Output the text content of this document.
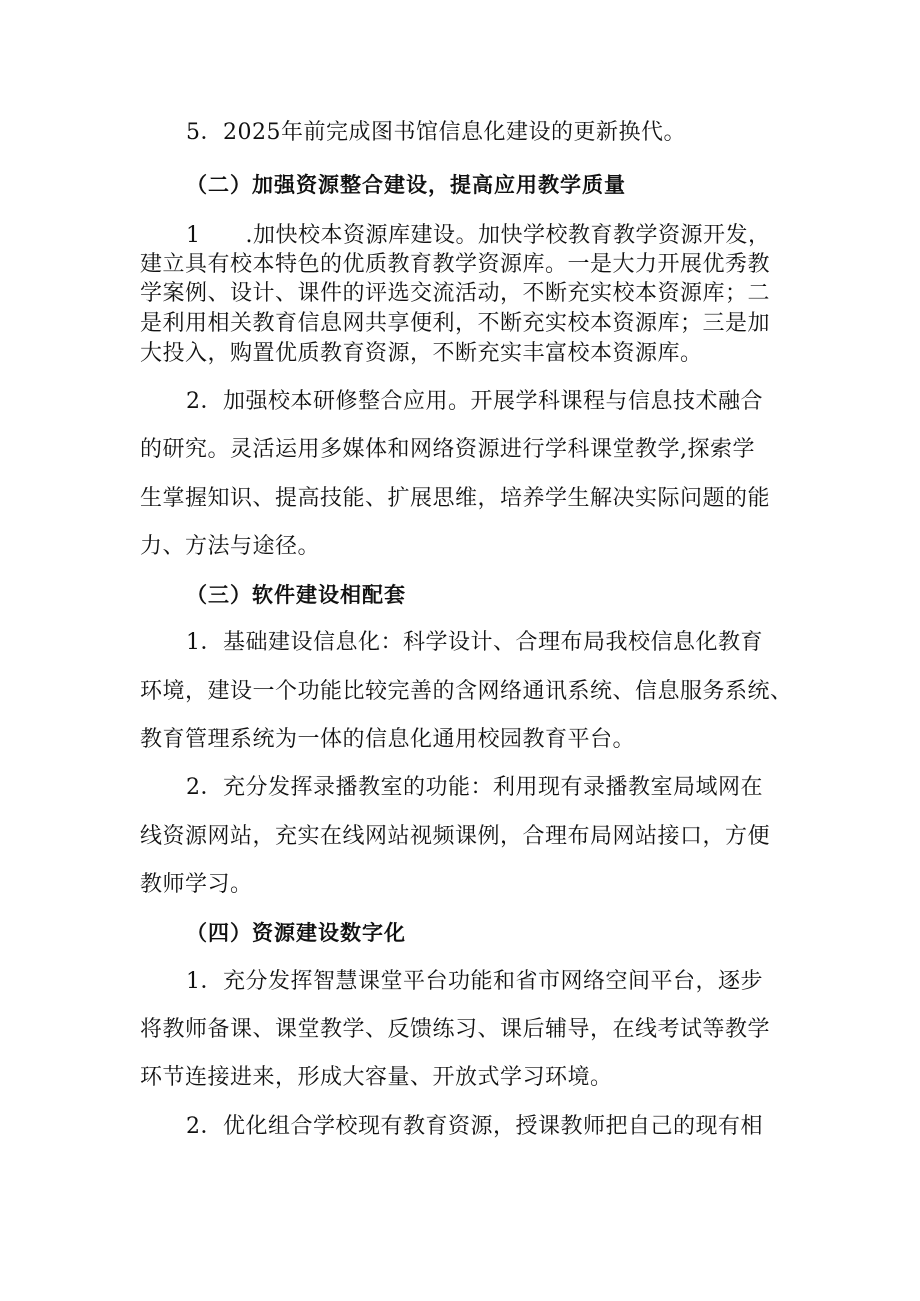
5．2025年前完成图书馆信息化建设的更新换代。
（二）加强资源整合建设，提高应用教学质量
1　　.加快校本资源库建设。加快学校教育教学资源开发，
建立具有校本特色的优质教育教学资源库。一是大力开展优秀教
学案例、设计、课件的评选交流活动，不断充实校本资源库；二
是利用相关教育信息网共享便利，不断充实校本资源库；三是加
大投入，购置优质教育资源，不断充实丰富校本资源库。
2．加强校本研修整合应用。开展学科课程与信息技术融合
的研究。灵活运用多媒体和网络资源进行学科课堂教学,探索学
生掌握知识、提高技能、扩展思维，培养学生解决实际问题的能
力、方法与途径。
（三）软件建设相配套
1．基础建设信息化：科学设计、合理布局我校信息化教育
环境，建设一个功能比较完善的含网络通讯系统、信息服务系统、
教育管理系统为一体的信息化通用校园教育平台。
2．充分发挥录播教室的功能：利用现有录播教室局域网在
线资源网站，充实在线网站视频课例，合理布局网站接口，方便
教师学习。
（四）资源建设数字化
1．充分发挥智慧课堂平台功能和省市网络空间平台，逐步
将教师备课、课堂教学、反馈练习、课后辅导，在线考试等教学
环节连接进来，形成大容量、开放式学习环境。
2．优化组合学校现有教育资源，授课教师把自己的现有相
